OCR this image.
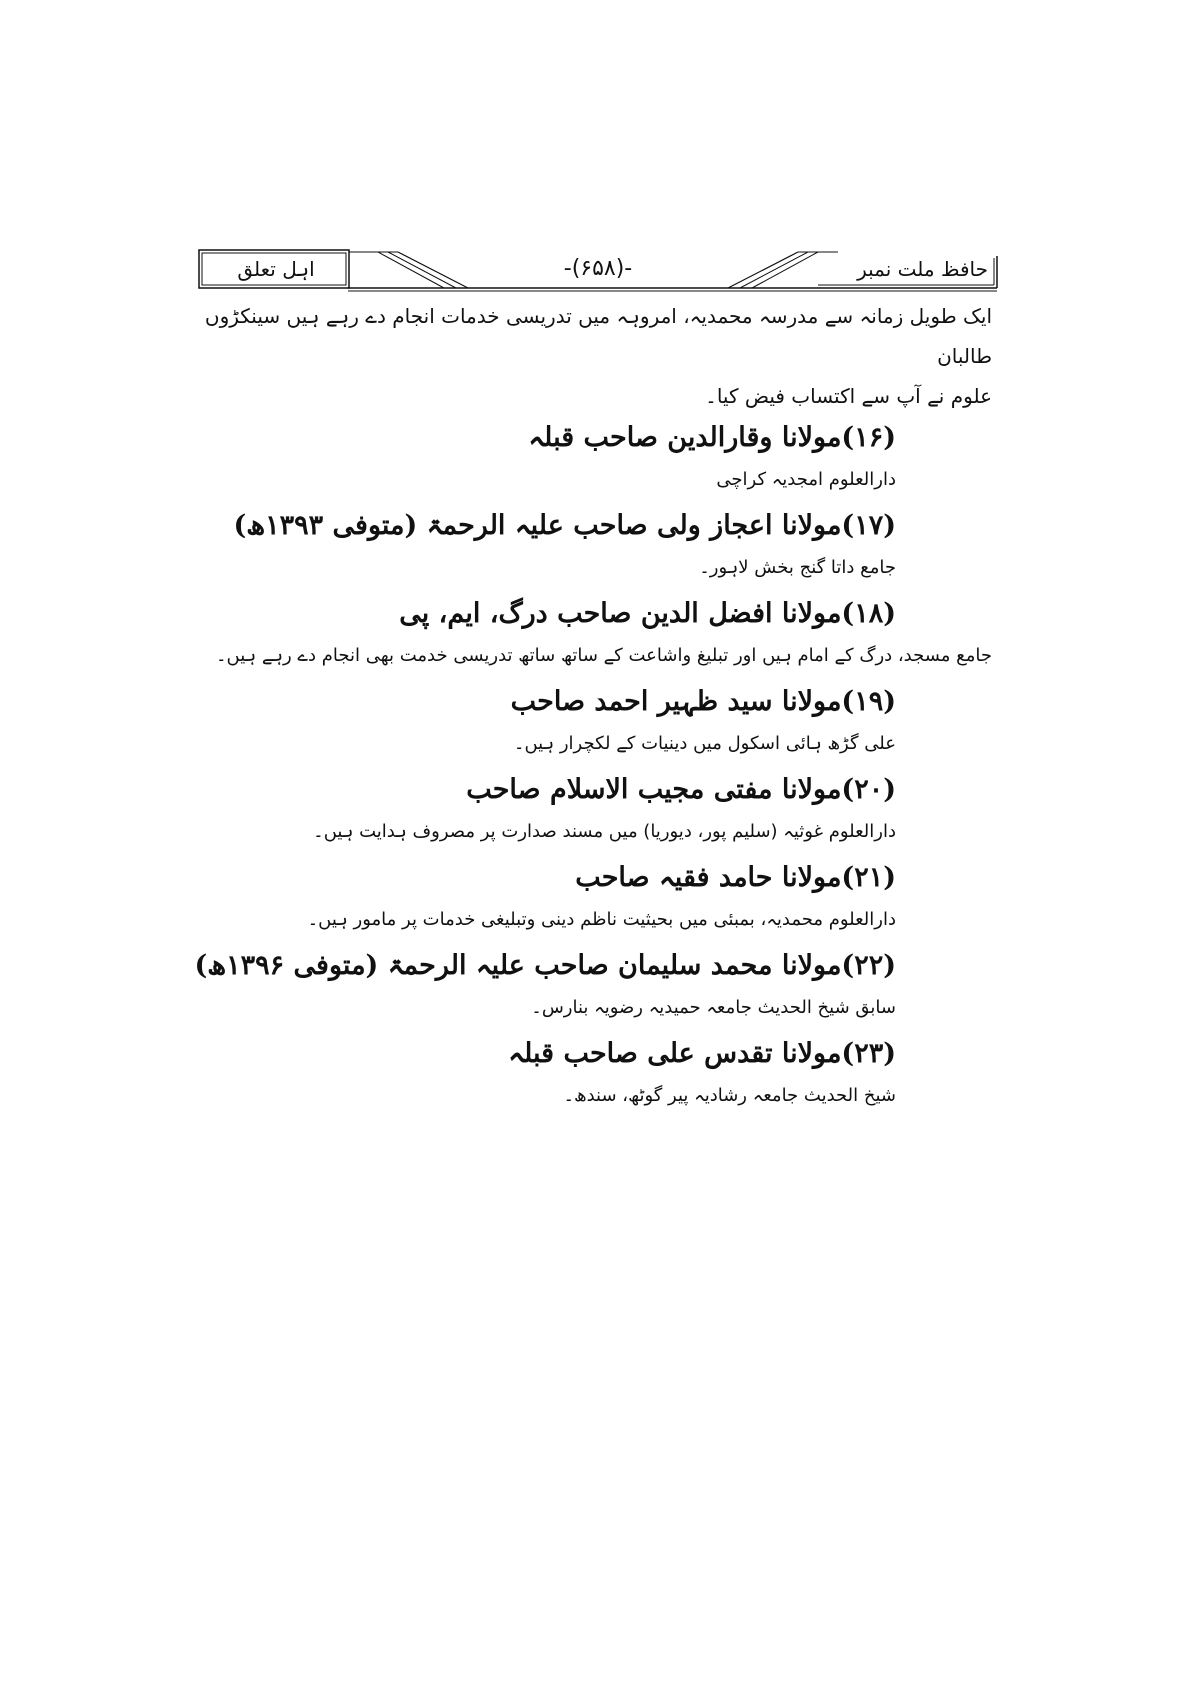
حافظ ملت نمبر
-(۶۵۸)-
اہل تعلق

ایک طویل زمانہ سے مدرسہ محمدیہ، امروہہ میں تدریسی خدمات انجام دے رہے ہیں سینکڑوں طالبان

علوم نے آپ سے اکتساب فیض کیا۔

(۱۶)مولانا وقارالدین صاحب قبلہ

دارالعلوم امجدیہ کراچی

(۱۷)مولانا اعجاز ولی صاحب علیہ الرحمۃ (متوفی ۱۳۹۳ھ)

جامع داتا گنج بخش لاہور۔

(۱۸)مولانا افضل الدین صاحب درگ، ایم، پی

جامع مسجد، درگ کے امام ہیں اور تبلیغ واشاعت کے ساتھ ساتھ تدریسی خدمت بھی انجام دے رہے ہیں۔

(۱۹)مولانا سید ظہیر احمد صاحب

علی گڑھ ہائی اسکول میں دینیات کے لکچرار ہیں۔

(۲۰)مولانا مفتی مجیب الاسلام صاحب

دارالعلوم غوثیہ (سلیم پور، دیوریا) میں مسند صدارت پر مصروف ہدایت ہیں۔

(۲۱)مولانا حامد فقیہ صاحب

دارالعلوم محمدیہ، بمبئی میں بحیثیت ناظم دینی وتبلیغی خدمات پر مامور ہیں۔

(۲۲)مولانا محمد سلیمان صاحب علیہ الرحمۃ (متوفی ۱۳۹۶ھ)

سابق شیخ الحدیث جامعہ حمیدیہ رضویہ بنارس۔

(۲۳)مولانا تقدس علی صاحب قبلہ

شیخ الحدیث جامعہ رشادیہ پیر گوٹھ، سندھ۔
